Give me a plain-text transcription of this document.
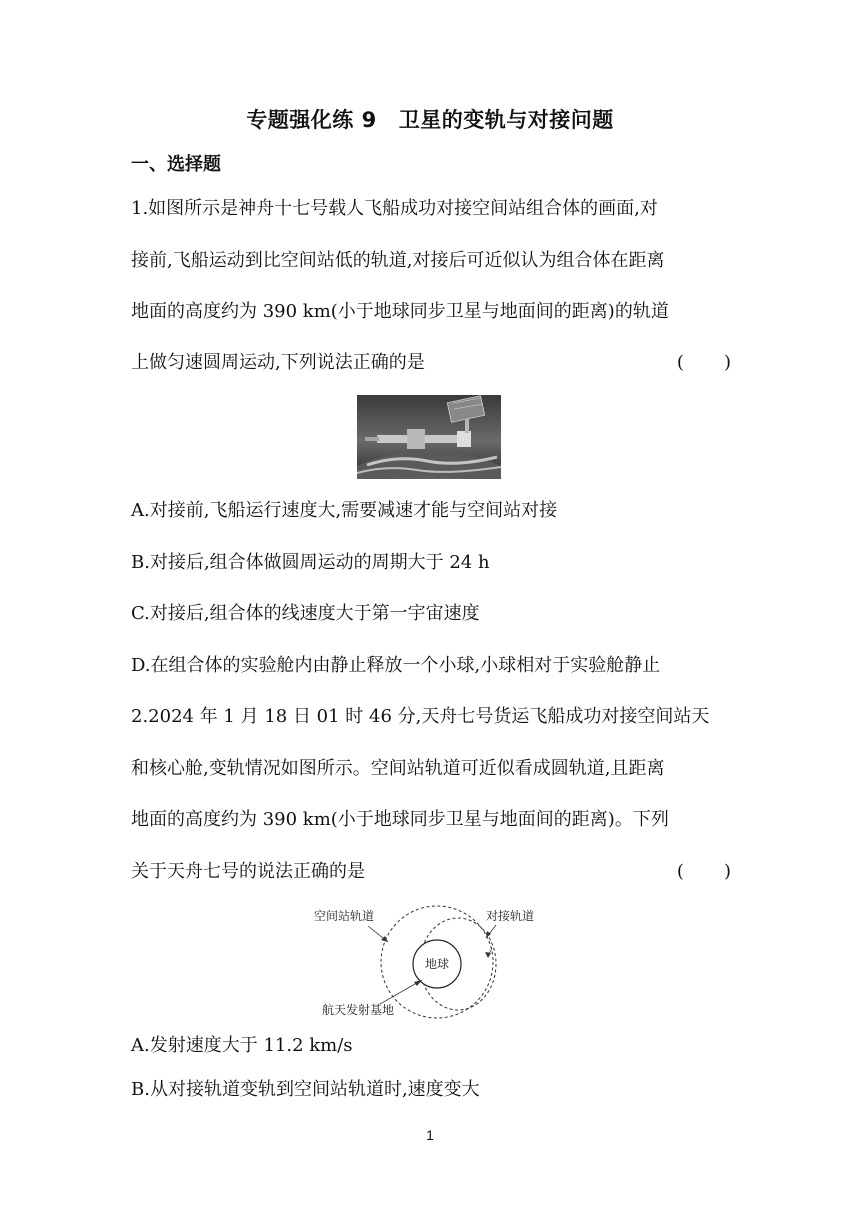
专题强化练 9 卫星的变轨与对接问题
一、选择题
1.如图所示是神舟十七号载人飞船成功对接空间站组合体的画面,对
接前,飞船运动到比空间站低的轨道,对接后可近似认为组合体在距离
地面的高度约为 390 km(小于地球同步卫星与地面间的距离)的轨道
上做匀速圆周运动,下列说法正确的是	(       )
A.对接前,飞船运行速度大,需要减速才能与空间站对接
B.对接后,组合体做圆周运动的周期大于 24 h
C.对接后,组合体的线速度大于第一宇宙速度
D.在组合体的实验舱内由静止释放一个小球,小球相对于实验舱静止
2.2024 年 1 月 18 日 01 时 46 分,天舟七号货运飞船成功对接空间站天
和核心舱,变轨情况如图所示。空间站轨道可近似看成圆轨道,且距离
地面的高度约为 390 km(小于地球同步卫星与地面间的距离)。下列
关于天舟七号的说法正确的是	(       )
地球
空间站轨道	对接轨道
航天发射基地
A.发射速度大于 11.2 km/s
B.从对接轨道变轨到空间站轨道时,速度变大
1
